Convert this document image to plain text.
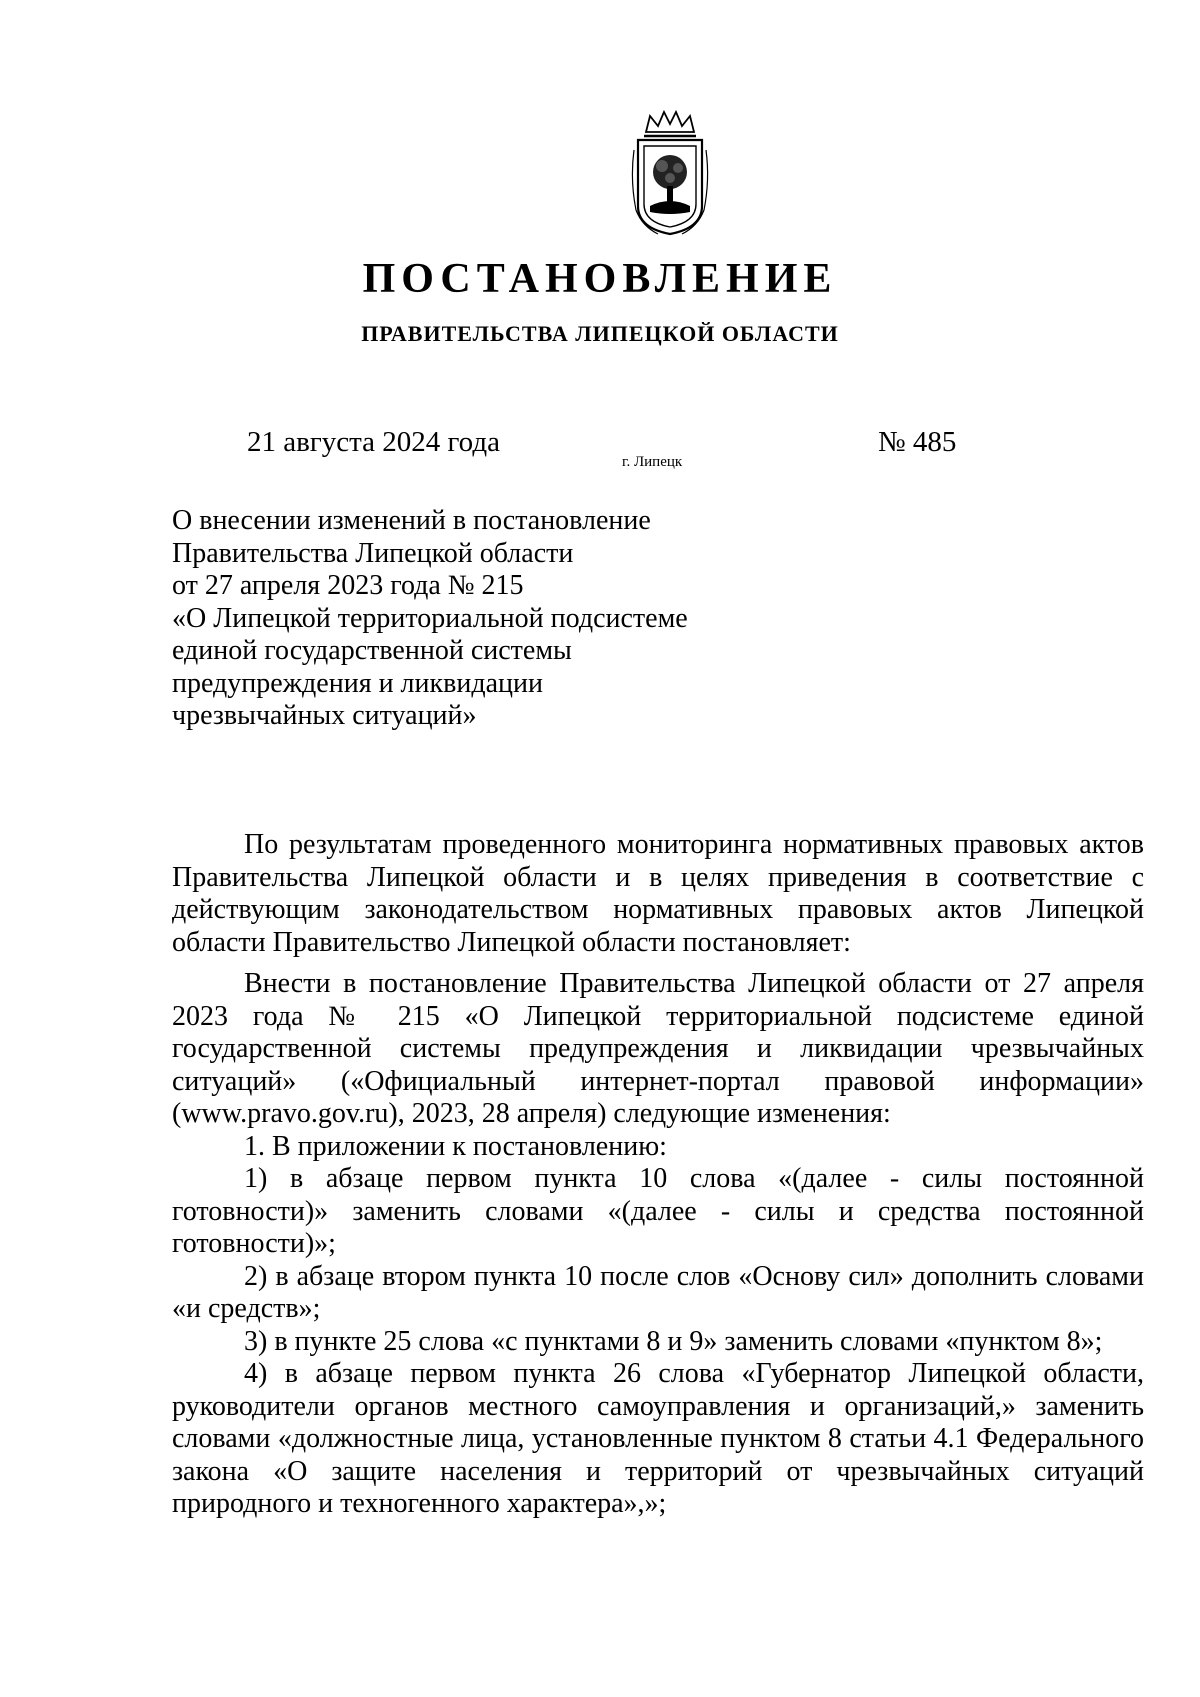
ПОСТАНОВЛЕНИЕ
ПРАВИТЕЛЬСТВА ЛИПЕЦКОЙ ОБЛАСТИ
21 августа 2024 года
г. Липецк
№ 485
О внесении изменений в постановление
Правительства Липецкой области
от 27 апреля 2023 года № 215
«О Липецкой территориальной подсистеме
единой государственной системы
предупреждения и ликвидации
чрезвычайных ситуаций»

По результатам проведенного мониторинга нормативных правовых актов Правительства Липецкой области и в целях приведения в соответствие с действующим законодательством нормативных правовых актов Липецкой области Правительство Липецкой области постановляет:

Внести в постановление Правительства Липецкой области от 27 апреля 2023 года № 215 «О Липецкой территориальной подсистеме единой государственной системы предупреждения и ликвидации чрезвычайных ситуаций» («Официальный интернет-портал правовой информации» (www.pravo.gov.ru), 2023, 28 апреля) следующие изменения:

1. В приложении к постановлению:

1) в абзаце первом пункта 10 слова «(далее - силы постоянной готовности)» заменить словами «(далее - силы и средства постоянной готовности)»;

2) в абзаце втором пункта 10 после слов «Основу сил» дополнить словами «и средств»;

3) в пункте 25 слова «с пунктами 8 и 9» заменить словами «пунктом 8»;

4) в абзаце первом пункта 26 слова «Губернатор Липецкой области, руководители органов местного самоуправления и организаций,» заменить словами «должностные лица, установленные пунктом 8 статьи 4.1 Федерального закона «О защите населения и территорий от чрезвычайных ситуаций природного и техногенного характера»,»;
